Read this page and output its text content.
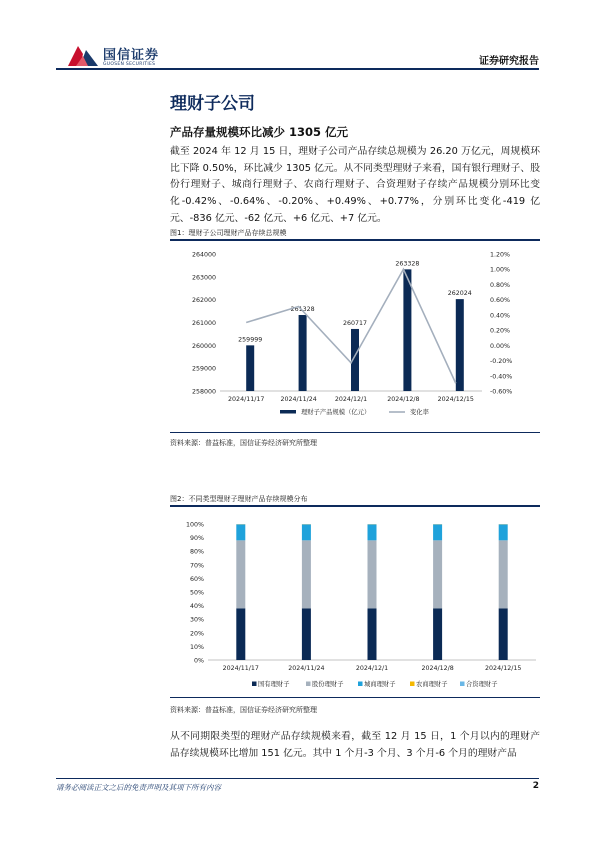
国信证券
GUOSEN SECURITIES	证券研究报告
理财子公司
产品存量规模环比减少 1305 亿元
截至 2024 年 12 月 15 日，理财子公司产品存续总规模为 26.20 万亿元，周规模环比下降 0.50%，环比减少 1305 亿元。从不同类型理财子来看，国有银行理财子、股份行理财子、城商行理财子、农商行理财子、合资理财子存续产品规模分别环比变化-0.42%、-0.64%、-0.20%、+0.49%、+0.77%，分别环比变化-419 亿元、-836 亿元、-62 亿元、+6 亿元、+7 亿元。
图1：理财子公司理财产品存续总规模
258000
259000
260000
261000
262000
263000
264000
-0.60%
-0.40%
-0.20%
0.00%
0.20%
0.40%
0.60%
0.80%
1.00%
1.20%
259999
2024/11/17
261328
2024/11/24
260717
2024/12/1
263328
2024/12/8
262024
2024/12/15
理财子产品规模（亿元）	变化率
资料来源：普益标准，国信证券经济研究所整理
图2：不同类型理财子理财产品存续规模分布
0%
10%
20%
30%
40%
50%
60%
70%
80%
90%
100%
2024/11/17	2024/11/24	2024/12/1	2024/12/8	2024/12/15
国有理财子	股份理财子	城商理财子	农商理财子	合资理财子
资料来源：普益标准，国信证券经济研究所整理
从不同期限类型的理财产品存续规模来看，截至 12 月 15 日，1 个月以内的理财产品存续规模环比增加 151 亿元。其中 1 个月-3 个月、3 个月-6 个月的理财产品
请务必阅读正文之后的免责声明及其项下所有内容	2
